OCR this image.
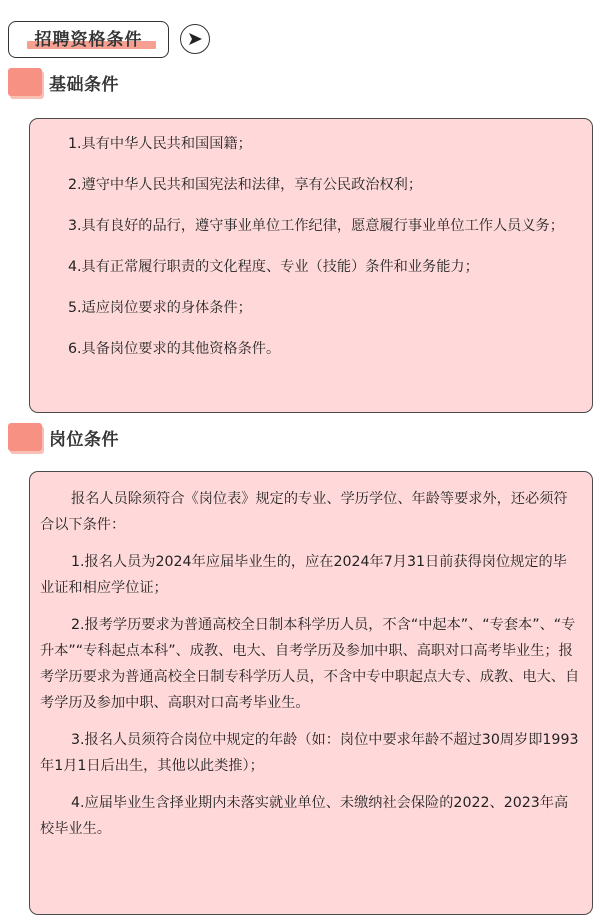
招聘资格条件
基础条件

1.具有中华人民共和国国籍；

2.遵守中华人民共和国宪法和法律，享有公民政治权利；

3.具有良好的品行，遵守事业单位工作纪律，愿意履行事业单位工作人员义务；

4.具有正常履行职责的文化程度、专业（技能）条件和业务能力；

5.适应岗位要求的身体条件；

6.具备岗位要求的其他资格条件。

岗位条件

报名人员除须符合《岗位表》规定的专业、学历学位、年龄等要求外，还必须符合以下条件：

1.报名人员为2024年应届毕业生的，应在2024年7月31日前获得岗位规定的毕业证和相应学位证；

2.报考学历要求为普通高校全日制本科学历人员，不含“中起本”、“专套本”、“专升本”“专科起点本科”、成教、电大、自考学历及参加中职、高职对口高考毕业生；报考学历要求为普通高校全日制专科学历人员，不含中专中职起点大专、成教、电大、自考学历及参加中职、高职对口高考毕业生。

3.报名人员须符合岗位中规定的年龄（如：岗位中要求年龄不超过30周岁即1993年1月1日后出生，其他以此类推）；

4.应届毕业生含择业期内未落实就业单位、未缴纳社会保险的2022、2023年高校毕业生。
